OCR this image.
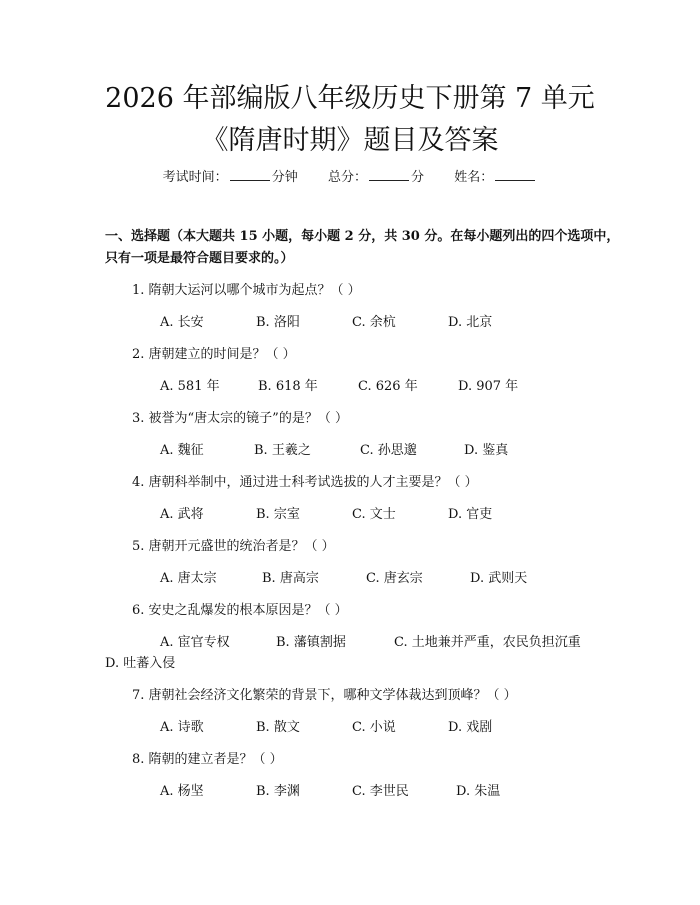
2026 年部编版八年级历史下册第 7 单元《隋唐时期》题目及答案
考试时间：	分钟 总分：	分 姓名：
一、选择题（本大题共 15 小题，每小题 2 分，共 30 分。在每小题列出的四个选项中，只有一项是最符合题目要求的。）
1. 隋朝大运河以哪个城市为起点？（ ）
A. 长安	B. 洛阳	C. 余杭	D. 北京
2. 唐朝建立的时间是？（ ）
A. 581 年	B. 618 年	C. 626 年	D. 907 年
3. 被誉为“唐太宗的镜子”的是？（ ）
A. 魏征	B. 王羲之	C. 孙思邈	D. 鉴真
4. 唐朝科举制中，通过进士科考试选拔的人才主要是？（ ）
A. 武将	B. 宗室	C. 文士	D. 官吏
5. 唐朝开元盛世的统治者是？（ ）
A. 唐太宗	B. 唐高宗	C. 唐玄宗	D. 武则天
6. 安史之乱爆发的根本原因是？（ ）
A. 宦官专权	B. 藩镇割据	C. 土地兼并严重，农民负担沉重
D. 吐蕃入侵
7. 唐朝社会经济文化繁荣的背景下，哪种文学体裁达到顶峰？（ ）
A. 诗歌	B. 散文	C. 小说	D. 戏剧
8. 隋朝的建立者是？（ ）
A. 杨坚	B. 李渊	C. 李世民	D. 朱温
